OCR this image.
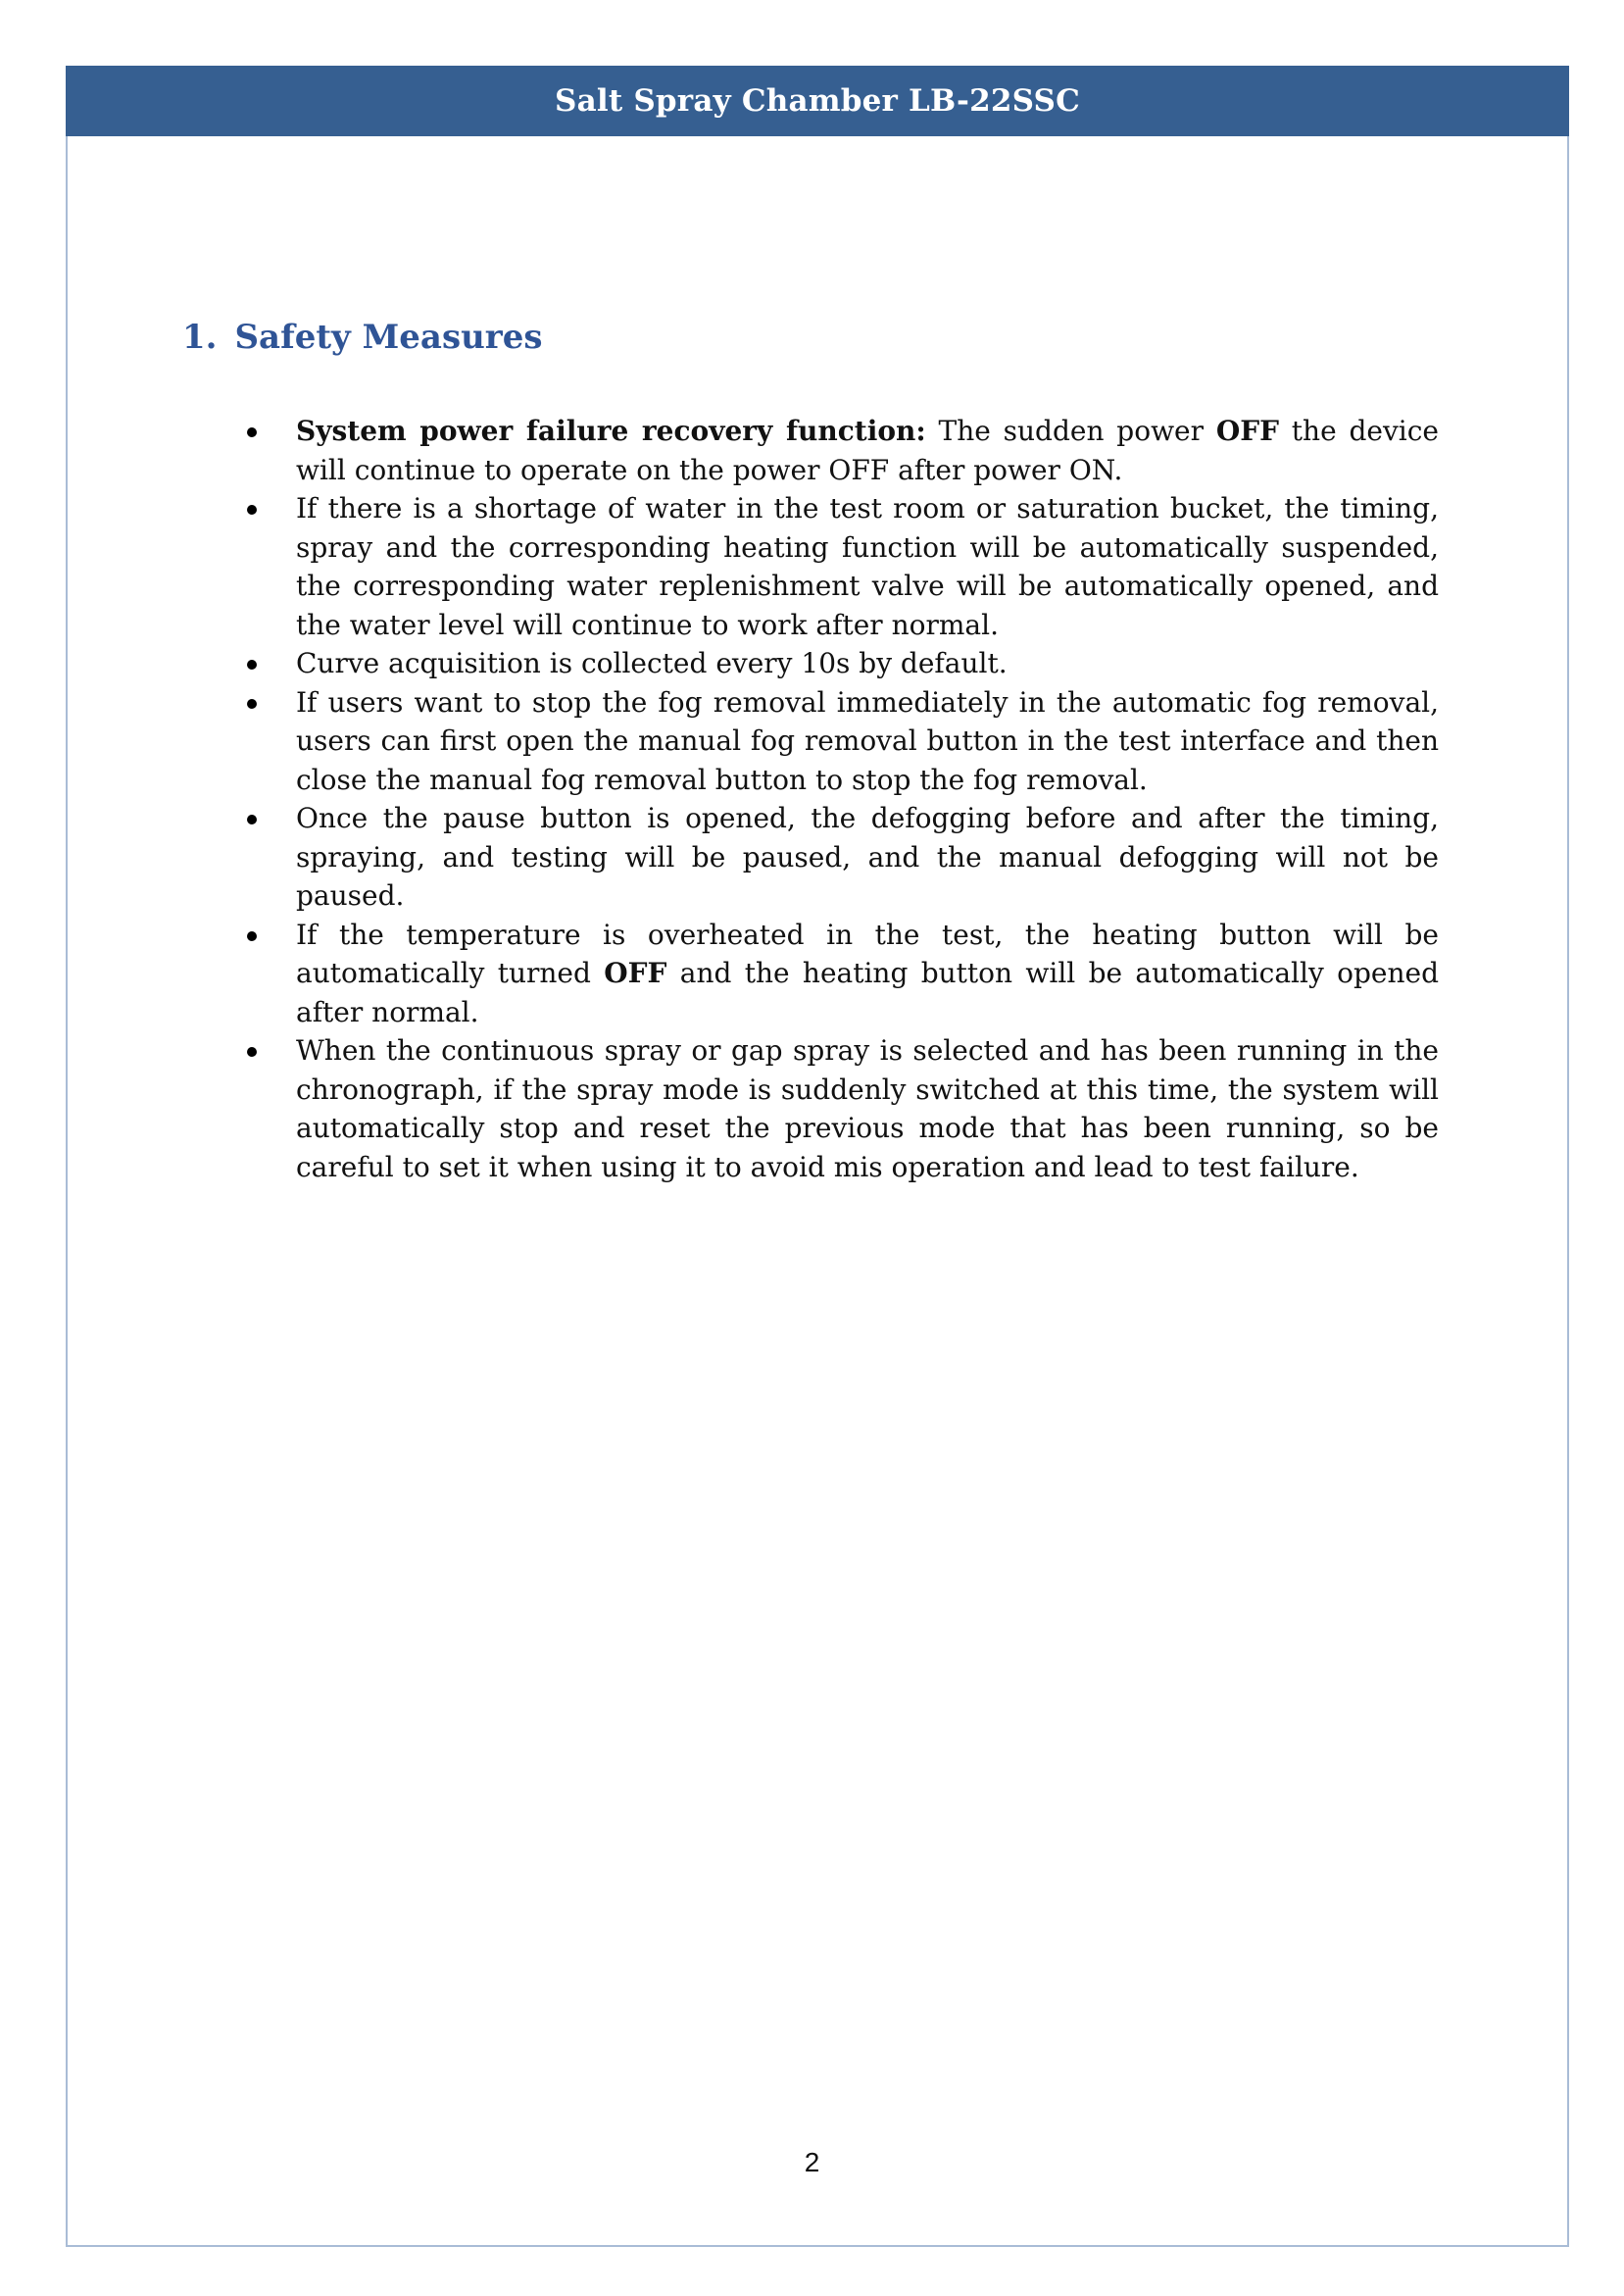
Salt Spray Chamber LB-22SSC
1. Safety Measures
System power failure recovery function: The sudden power OFF the device will continue to operate on the power OFF after power ON.
If there is a shortage of water in the test room or saturation bucket, the timing, spray and the corresponding heating function will be automatically suspended, the corresponding water replenishment valve will be automatically opened, and the water level will continue to work after normal.
Curve acquisition is collected every 10s by default.
If users want to stop the fog removal immediately in the automatic fog removal, users can first open the manual fog removal button in the test interface and then close the manual fog removal button to stop the fog removal.
Once the pause button is opened, the defogging before and after the timing, spraying, and testing will be paused, and the manual defogging will not be paused.
If the temperature is overheated in the test, the heating button will be automatically turned OFF and the heating button will be automatically opened after normal.
When the continuous spray or gap spray is selected and has been running in the chronograph, if the spray mode is suddenly switched at this time, the system will automatically stop and reset the previous mode that has been running, so be careful to set it when using it to avoid mis operation and lead to test failure.
2
